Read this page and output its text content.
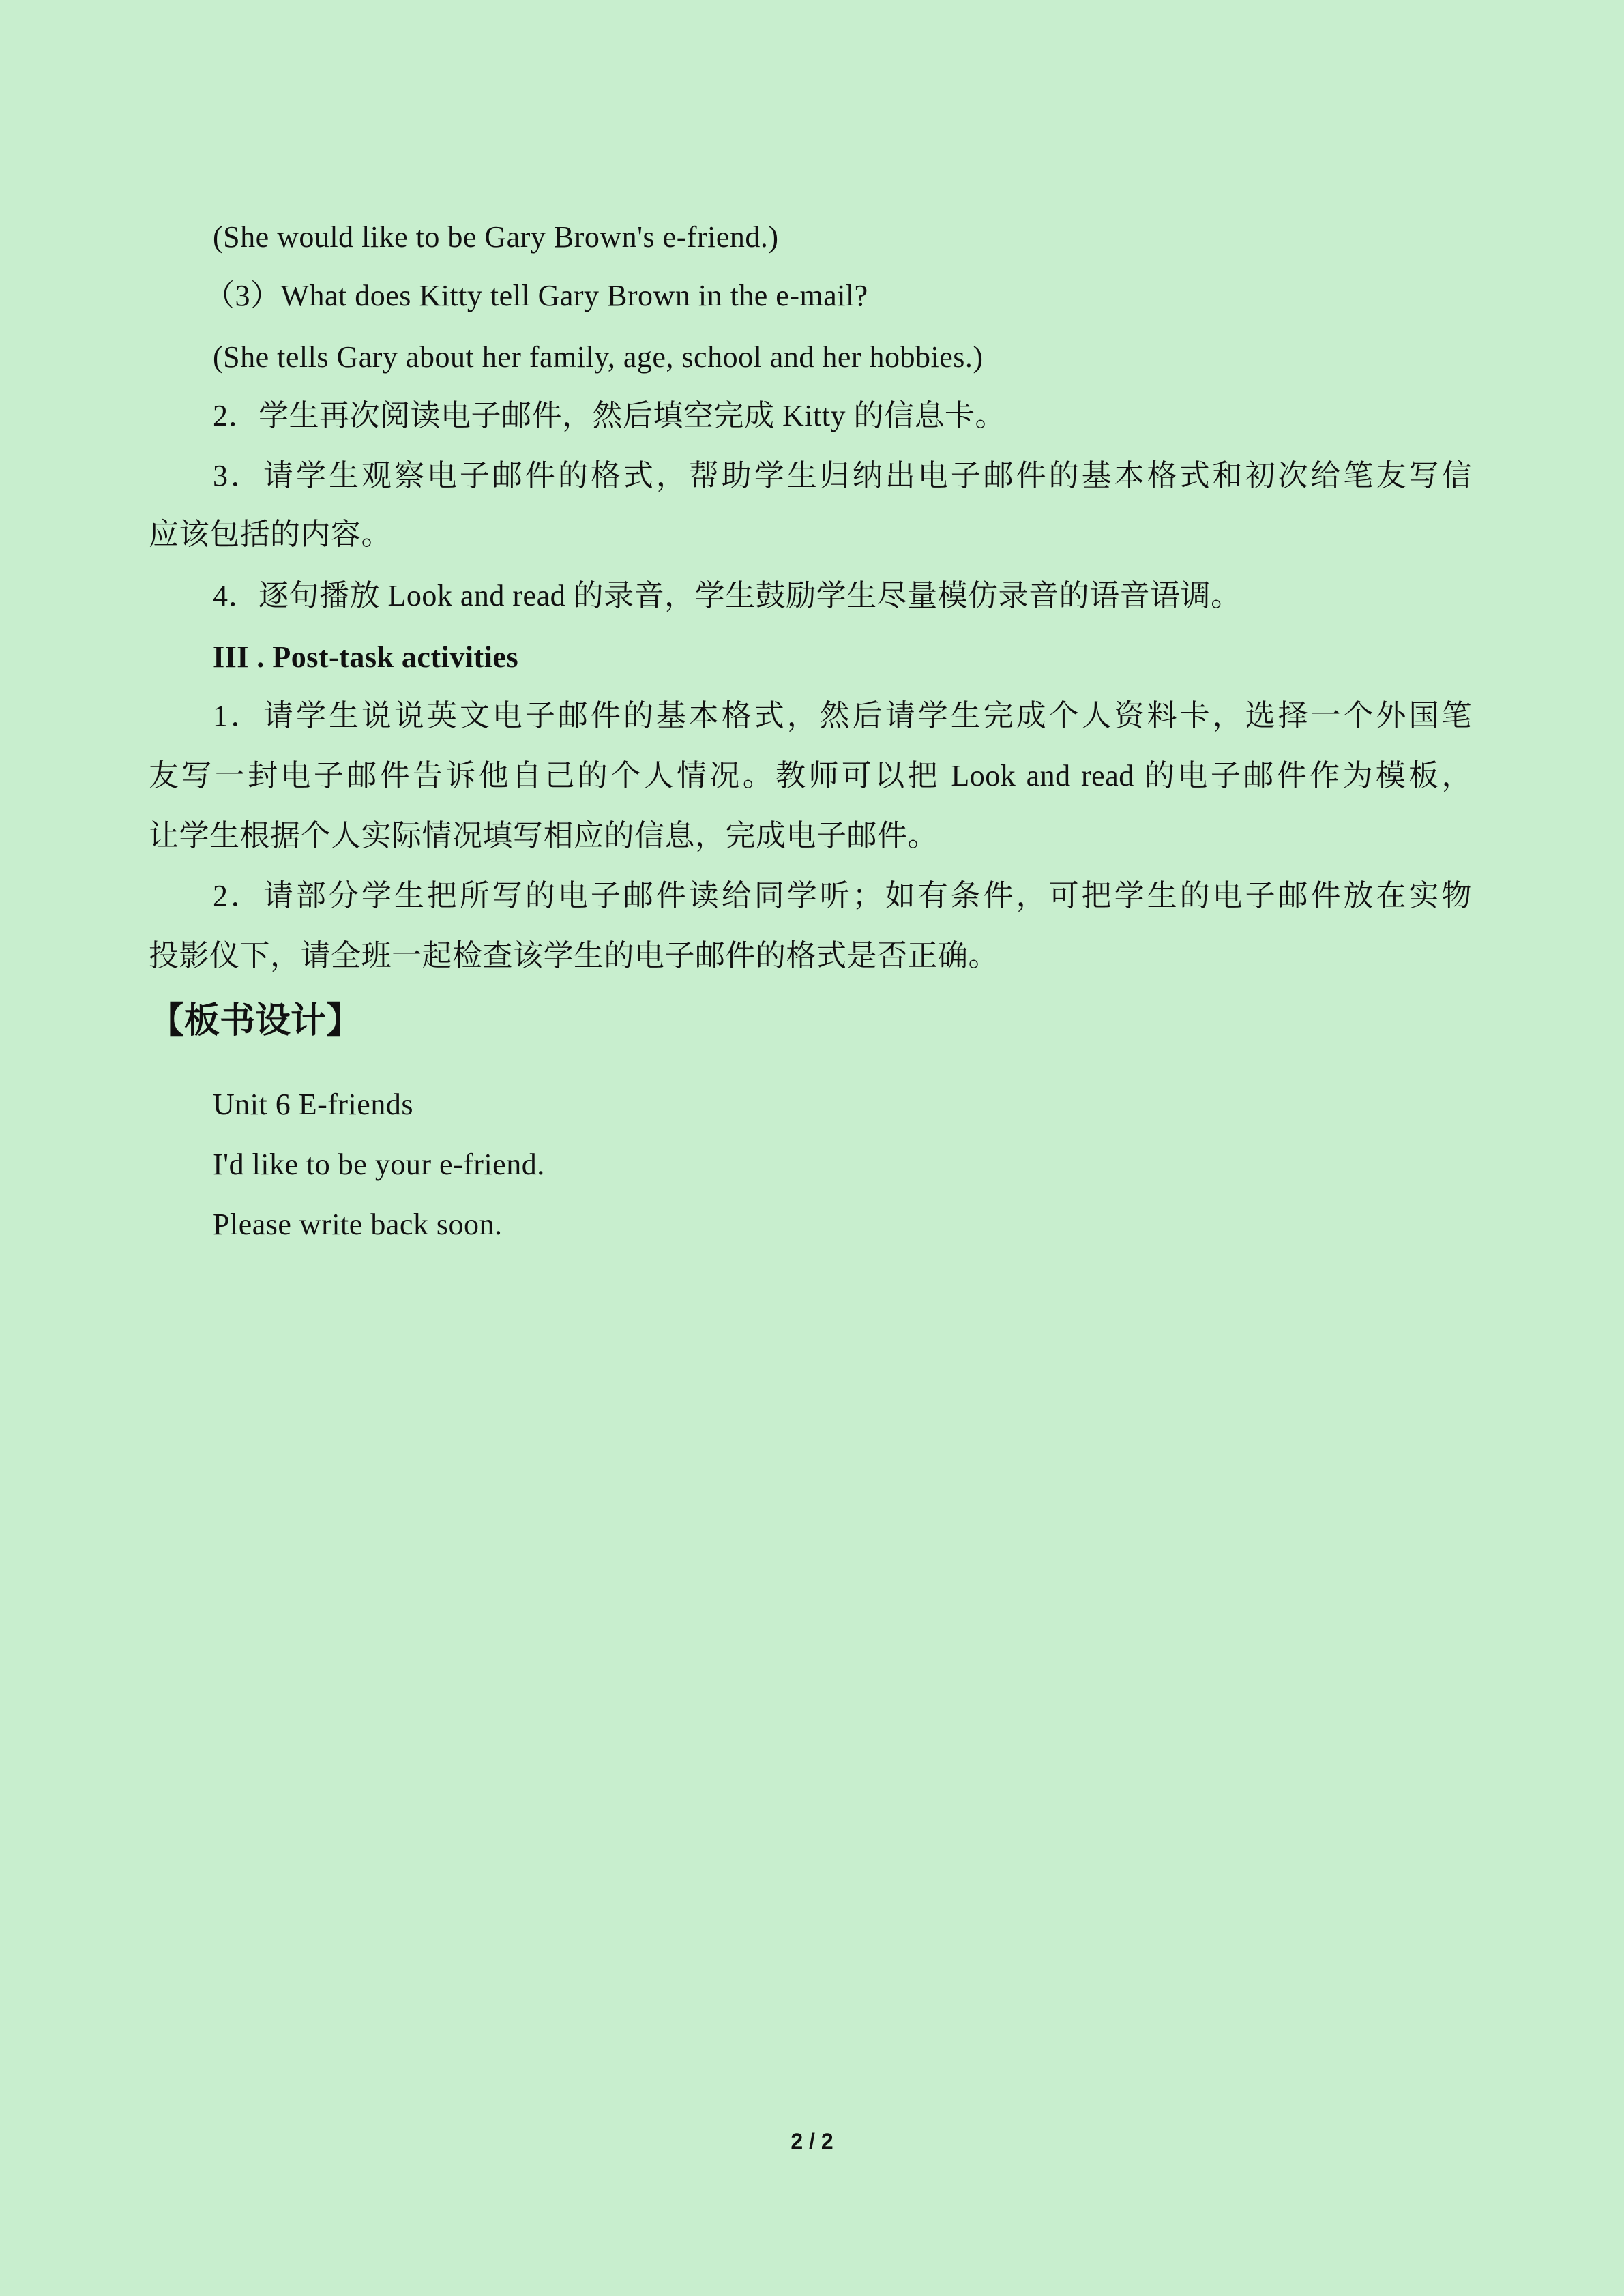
(She would like to be Gary Brown's e-friend.)
（3）What does Kitty tell Gary Brown in the e-mail?
(She tells Gary about her family, age, school and her hobbies.)
2．学生再次阅读电子邮件，然后填空完成 Kitty 的信息卡。
3．请学生观察电子邮件的格式，帮助学生归纳出电子邮件的基本格式和初次给笔友写信
应该包括的内容。
4．逐句播放 Look and read 的录音，学生鼓励学生尽量模仿录音的语音语调。
III . Post-task activities
1．请学生说说英文电子邮件的基本格式，然后请学生完成个人资料卡，选择一个外国笔
友写一封电子邮件告诉他自己的个人情况。教师可以把 Look and read 的电子邮件作为模板，
让学生根据个人实际情况填写相应的信息，完成电子邮件。
2．请部分学生把所写的电子邮件读给同学听；如有条件，可把学生的电子邮件放在实物
投影仪下，请全班一起检查该学生的电子邮件的格式是否正确。
【板书设计】
Unit 6 E-friends
I'd like to be your e-friend.
Please write back soon.
2 / 2
